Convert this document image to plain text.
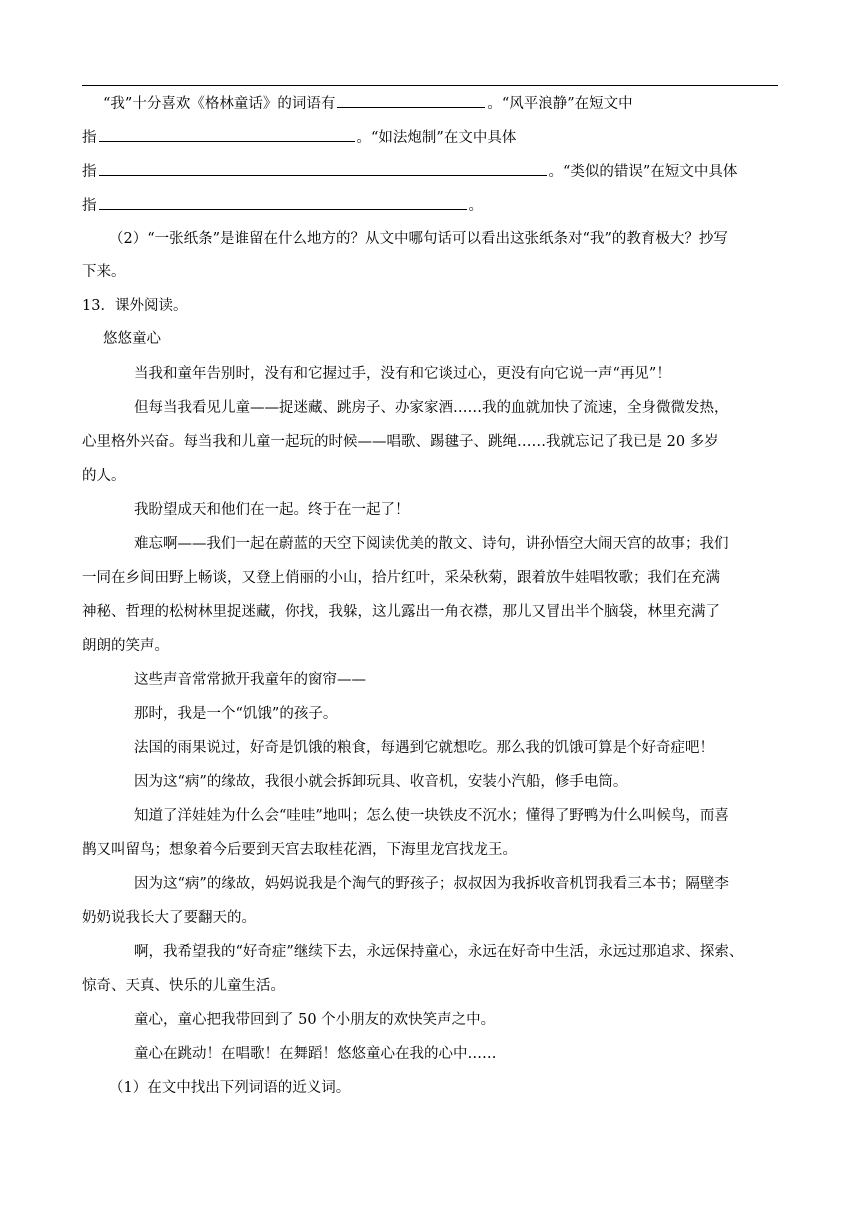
“我”十分喜欢《格林童话》的词语有	。“风平浪静”在短文中
指	。“如法炮制”在文中具体
指	。“类似的错误”在短文中具体
指	。
（2）“一张纸条”是谁留在什么地方的？从文中哪句话可以看出这张纸条对“我”的教育极大？抄写
下来。
13．课外阅读。
悠悠童心
当我和童年告别时，没有和它握过手，没有和它谈过心，更没有向它说一声“再见”！
但每当我看见儿童——捉迷藏、跳房子、办家家酒……我的血就加快了流速，全身微微发热，
心里格外兴奋。每当我和儿童一起玩的时候——唱歌、踢毽子、跳绳……我就忘记了我已是 20 多岁
的人。
我盼望成天和他们在一起。终于在一起了！
难忘啊——我们一起在蔚蓝的天空下阅读优美的散文、诗句，讲孙悟空大闹天宫的故事；我们
一同在乡间田野上畅谈，又登上俏丽的小山，拾片红叶，采朵秋菊，跟着放牛娃唱牧歌；我们在充满
神秘、哲理的松树林里捉迷藏，你找，我躲，这儿露出一角衣襟，那儿又冒出半个脑袋，林里充满了
朗朗的笑声。
这些声音常常掀开我童年的窗帘——
那时，我是一个“饥饿”的孩子。
法国的雨果说过，好奇是饥饿的粮食，每遇到它就想吃。那么我的饥饿可算是个好奇症吧！
因为这“病”的缘故，我很小就会拆卸玩具、收音机，安装小汽船，修手电筒。
知道了洋娃娃为什么会“哇哇”地叫；怎么使一块铁皮不沉水；懂得了野鸭为什么叫候鸟，而喜
鹊又叫留鸟；想象着今后要到天宫去取桂花酒，下海里龙宫找龙王。
因为这“病”的缘故，妈妈说我是个淘气的野孩子；叔叔因为我拆收音机罚我看三本书；隔壁李
奶奶说我长大了要翻天的。
啊，我希望我的“好奇症”继续下去，永远保持童心，永远在好奇中生活，永远过那追求、探索、
惊奇、天真、快乐的儿童生活。
童心，童心把我带回到了 50 个小朋友的欢快笑声之中。
童心在跳动！在唱歌！在舞蹈！悠悠童心在我的心中……
（1）在文中找出下列词语的近义词。
